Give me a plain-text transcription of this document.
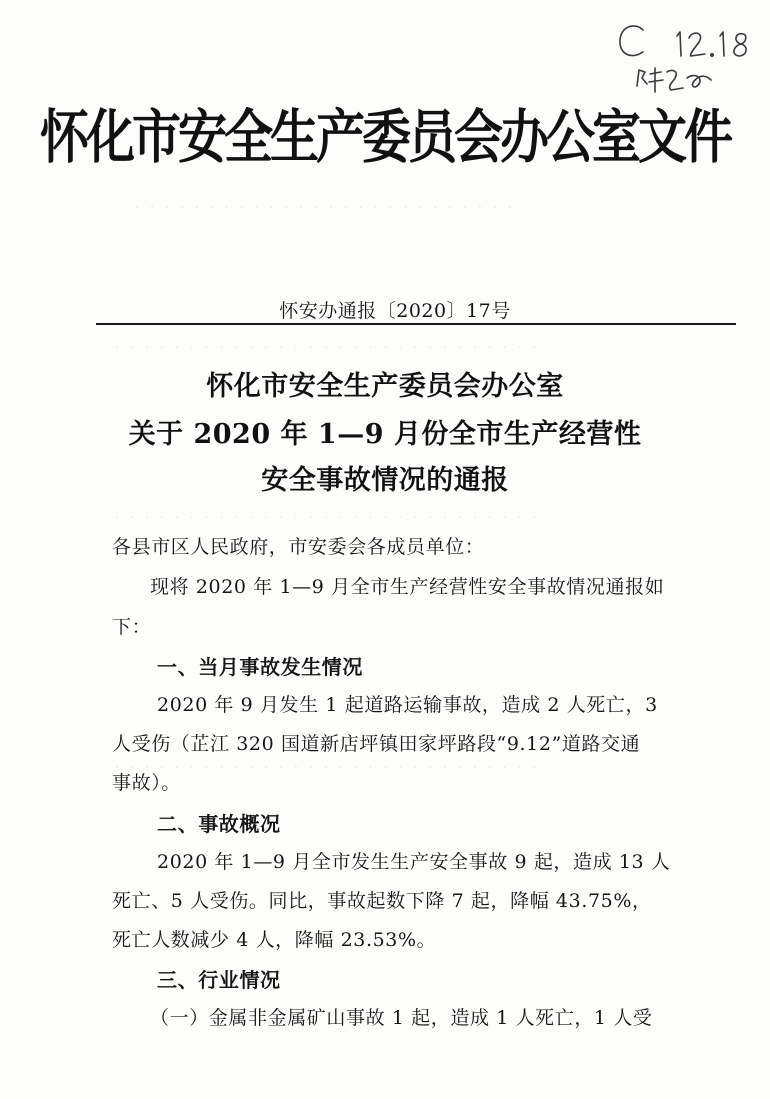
· · · · · · · · · · · · · · · · · · · · · · · · · ·
· · · · · · · · · · · · · · · · · · · · · · · · · · · · ·
· · · · · · · · · · · · · · · · · · · · · · · · · · · · ·
· · · · · · · · · · · · · · · · · · · · · · · · · · · · ·
怀化市安全生产委员会办公室文件
怀安办通报〔2020〕17号
怀化市安全生产委员会办公室
关于 2020 年 1—9 月份全市生产经营性
安全事故情况的通报
各县市区人民政府，市安委会各成员单位：
现将 2020 年 1—9 月全市生产经营性安全事故情况通报如
下：
一、当月事故发生情况
2020 年 9 月发生 1 起道路运输事故，造成 2 人死亡，3
人受伤（芷江 320 国道新店坪镇田家坪路段“9.12”道路交通
事故）。
二、事故概况
2020 年 1—9 月全市发生生产安全事故 9 起，造成 13 人
死亡、5 人受伤。同比，事故起数下降 7 起，降幅 43.75%，
死亡人数减少 4 人，降幅 23.53%。
三、行业情况
（一）金属非金属矿山事故 1 起，造成 1 人死亡，1 人受
